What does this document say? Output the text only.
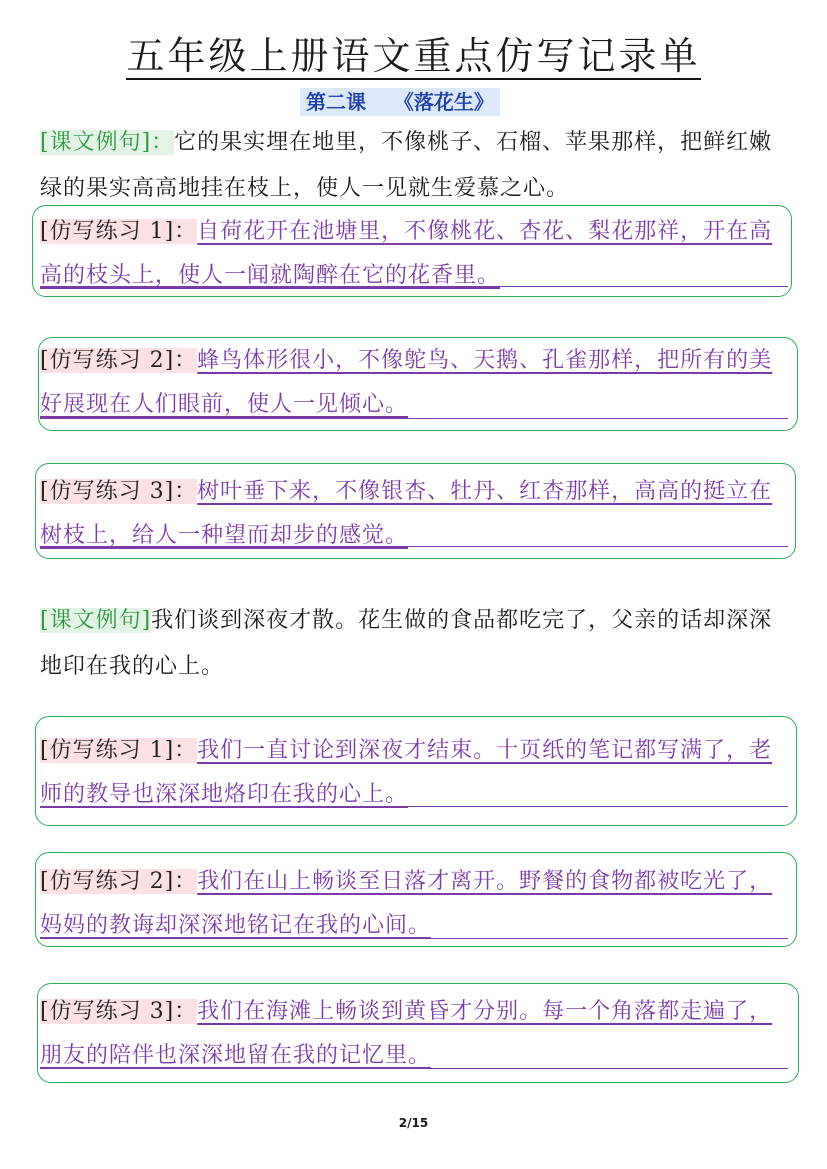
五年级上册语文重点仿写记录单
第二课    《落花生》
[课文例句]：它的果实埋在地里，不像桃子、石榴、苹果那样，把鲜红嫩绿的果实高高地挂在枝上，使人一见就生爱慕之心。
[仿写练习 1]：自荷花开在池塘里，不像桃花、杏花、梨花那祥，开在高高的枝头上，使人一闻就陶醉在它的花香里。
[仿写练习 2]：蜂鸟体形很小，不像鸵鸟、天鹅、孔雀那样，把所有的美好展现在人们眼前，使人一见倾心。
[仿写练习 3]：树叶垂下来，不像银杏、牡丹、红杏那样，高高的挺立在树枝上，给人一种望而却步的感觉。
[课文例句]我们谈到深夜才散。花生做的食品都吃完了，父亲的话却深深地印在我的心上。
[仿写练习 1]：我们一直讨论到深夜才结束。十页纸的笔记都写满了，老师的教导也深深地烙印在我的心上。
[仿写练习 2]：我们在山上畅谈至日落才离开。野餐的食物都被吃光了，妈妈的教诲却深深地铭记在我的心间。
[仿写练习 3]：我们在海滩上畅谈到黄昏才分别。每一个角落都走遍了，朋友的陪伴也深深地留在我的记忆里。
2/15
